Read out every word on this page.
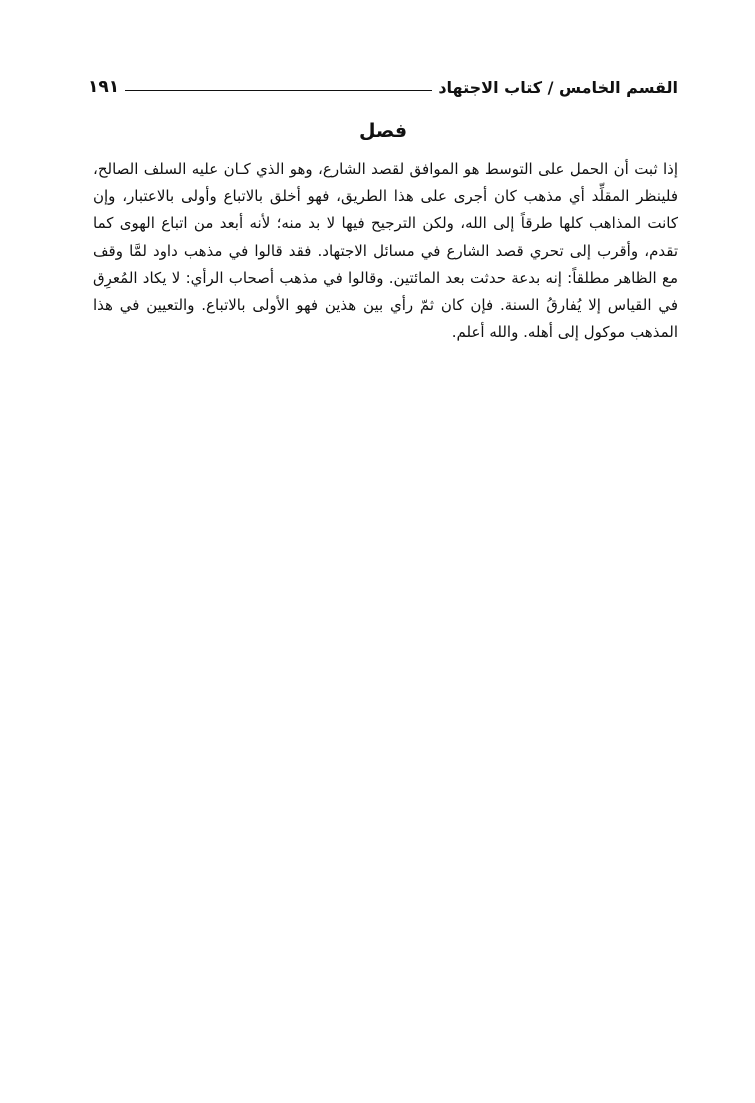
القسم الخامس / كتاب الاجتهاد
١٩١
فصل

إذا ثبت أن الحمل على التوسط هو الموافق لقصد الشارع، وهو الذي كـان عليه السلف الصالح، فلينظر المقلِّد أي مذهب كان أجرى على هذا الطريق، فهو أخلق بالاتباع وأولى بالاعتبار، وإن كانت المذاهب كلها طرقاً إلى الله، ولكن الترجيح فيها لا بد منه؛ لأنه أبعد من اتباع الهوى كما تقدم، وأقرب إلى تحري قصد الشارع في مسائل الاجتهاد. فقد قالوا في مذهب داود لمَّا وقف مع الظاهر مطلقاً: إنه بدعة حدثت بعد المائتين. وقالوا في مذهب أصحاب الرأي: لا يكاد المُعرِق في القياس إلا يُفارقُ السنة. فإن كان ثمّ رأي بين هذين فهو الأولى بالاتباع. والتعيين في هذا المذهب موكول إلى أهله. والله أعلم.
